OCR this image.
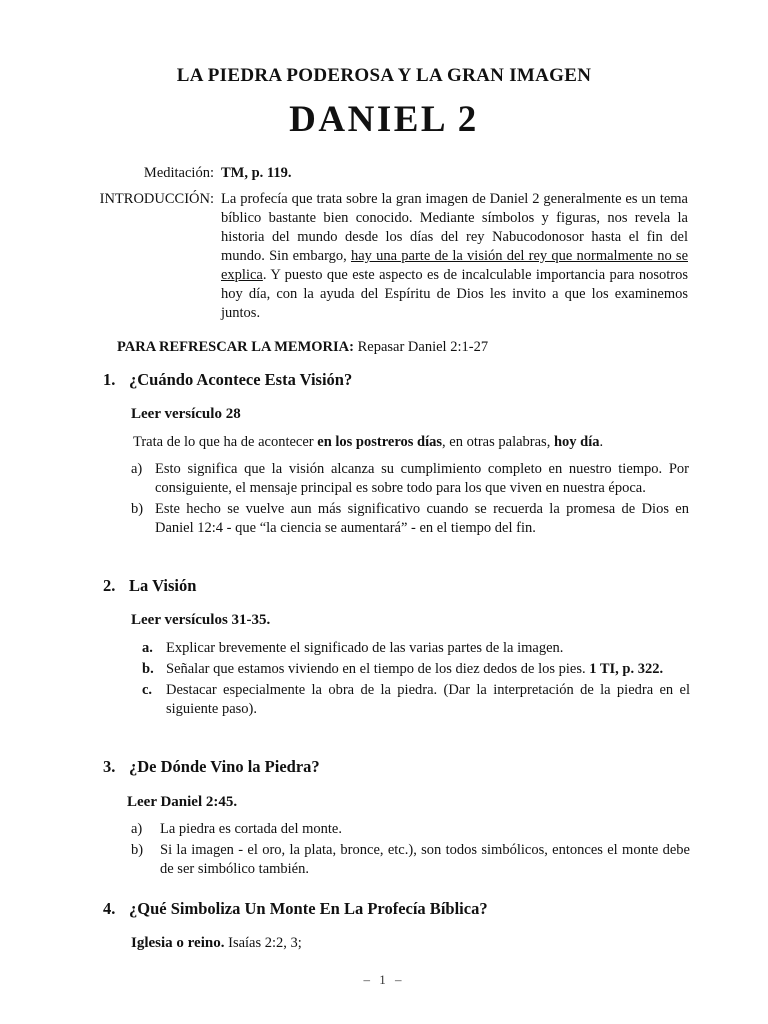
LA PIEDRA PODEROSA Y LA GRAN IMAGEN
DANIEL 2
Meditación: TM, p. 119.
INTRODUCCIÓN: La profecía que trata sobre la gran imagen de Daniel 2 generalmente es un tema bíblico bastante bien conocido. Mediante símbolos y figuras, nos revela la historia del mundo desde los días del rey Nabucodonosor hasta el fin del mundo. Sin embargo, hay una parte de la visión del rey que normalmente no se explica. Y puesto que este aspecto es de incalculable importancia para nosotros hoy día, con la ayuda del Espíritu de Dios les invito a que los examinemos juntos.
PARA REFRESCAR LA MEMORIA: Repasar Daniel 2:1-27
1. ¿Cuándo Acontece Esta Visión?
Leer versículo 28
Trata de lo que ha de acontecer en los postreros días, en otras palabras, hoy día.
a) Esto significa que la visión alcanza su cumplimiento completo en nuestro tiempo. Por consiguiente, el mensaje principal es sobre todo para los que viven en nuestra época.
b) Este hecho se vuelve aun más significativo cuando se recuerda la promesa de Dios en Daniel 12:4 - que “la ciencia se aumentará” - en el tiempo del fin.
2. La Visión
Leer versículos 31-35.
a. Explicar brevemente el significado de las varias partes de la imagen.
b. Señalar que estamos viviendo en el tiempo de los diez dedos de los pies. 1 TI, p. 322.
c. Destacar especialmente la obra de la piedra. (Dar la interpretación de la piedra en el siguiente paso).
3. ¿De Dónde Vino la Piedra?
Leer Daniel 2:45.
a)	La piedra es cortada del monte.
b)	Si la imagen - el oro, la plata, bronce, etc.), son todos simbólicos, entonces el monte debe de ser simbólico también.
4. ¿Qué Simboliza Un Monte En La Profecía Bíblica?
Iglesia o reino. Isaías 2:2, 3;
– 1 –
